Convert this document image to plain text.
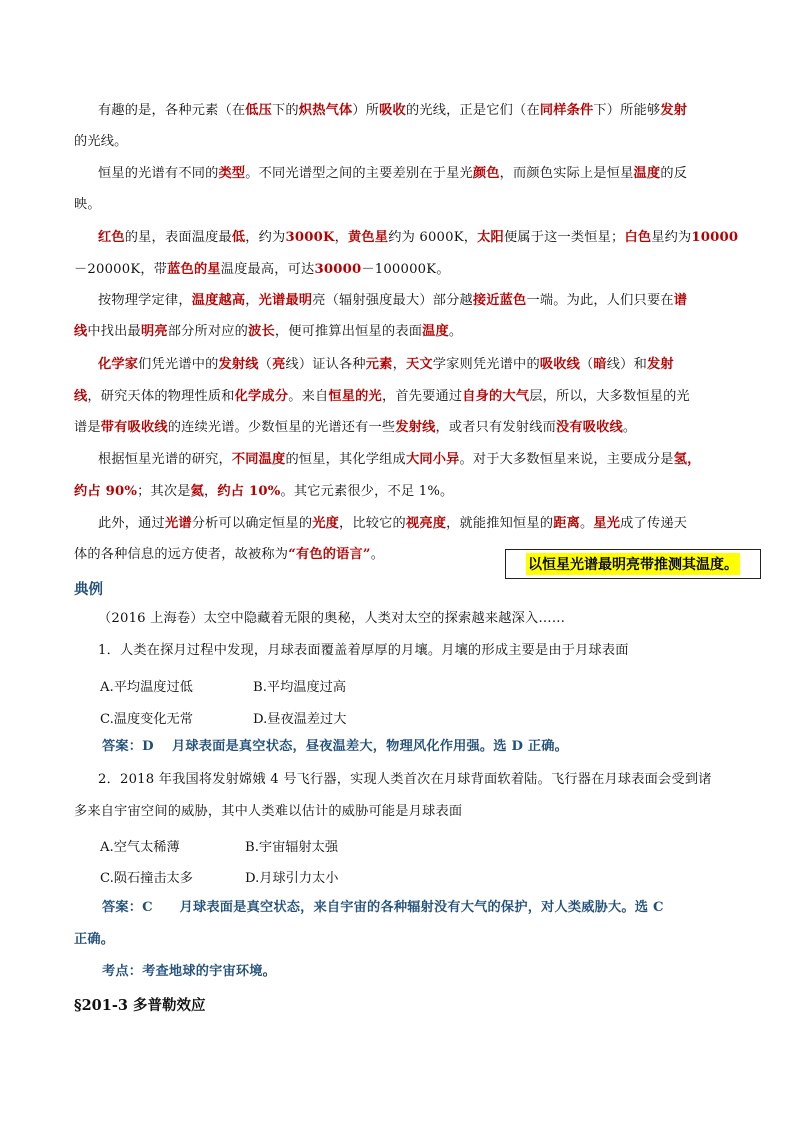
有趣的是，各种元素（在低压下的炽热气体）所吸收的光线，正是它们（在同样条件下）所能够发射
的光线。
恒星的光谱有不同的类型。不同光谱型之间的主要差别在于星光颜色，而颜色实际上是恒星温度的反
映。
红色的星，表面温度最低，约为3000K，黄色星约为 6000K，太阳便属于这一类恒星；白色星约为10000
－20000K，带蓝色的星温度最高，可达30000－100000K。
按物理学定律，温度越高，光谱最明亮（辐射强度最大）部分越接近蓝色一端。为此，人们只要在谱
线中找出最明亮部分所对应的波长，便可推算出恒星的表面温度。
化学家们凭光谱中的发射线（亮线）证认各种元素，天文学家则凭光谱中的吸收线（暗线）和发射
线，研究天体的物理性质和化学成分。来自恒星的光，首先要通过自身的大气层，所以，大多数恒星的光
谱是带有吸收线的连续光谱。少数恒星的光谱还有一些发射线，或者只有发射线而没有吸收线。
根据恒星光谱的研究，不同温度的恒星，其化学组成大同小异。对于大多数恒星来说，主要成分是氢，
约占 90%；其次是氦，约占 10%。其它元素很少，不足 1%。
此外，通过光谱分析可以确定恒星的光度，比较它的视亮度，就能推知恒星的距离。星光成了传递天
体的各种信息的远方使者，故被称为“有色的语言”。
以恒星光谱最明亮带推测其温度。
典例
（2016 上海卷）太空中隐藏着无限的奥秘，人类对太空的探索越来越深入……
1．人类在探月过程中发现，月球表面覆盖着厚厚的月壤。月壤的形成主要是由于月球表面
A.平均温度过低	B.平均温度过高
C.温度变化无常	D.昼夜温差过大
答案：D　 月球表面是真空状态，昼夜温差大，物理风化作用强。选 D 正确。
2．2018 年我国将发射嫦娥 4 号飞行器，实现人类首次在月球背面软着陆。飞行器在月球表面会受到诸
多来自宇宙空间的威胁，其中人类难以估计的威胁可能是月球表面
A.空气太稀薄	B.宇宙辐射太强
C.陨石撞击太多	D.月球引力太小
答案：C　　月球表面是真空状态，来自宇宙的各种辐射没有大气的保护，对人类威胁大。选 C
正确。
考点：考查地球的宇宙环境。
§201-3 多普勒效应
